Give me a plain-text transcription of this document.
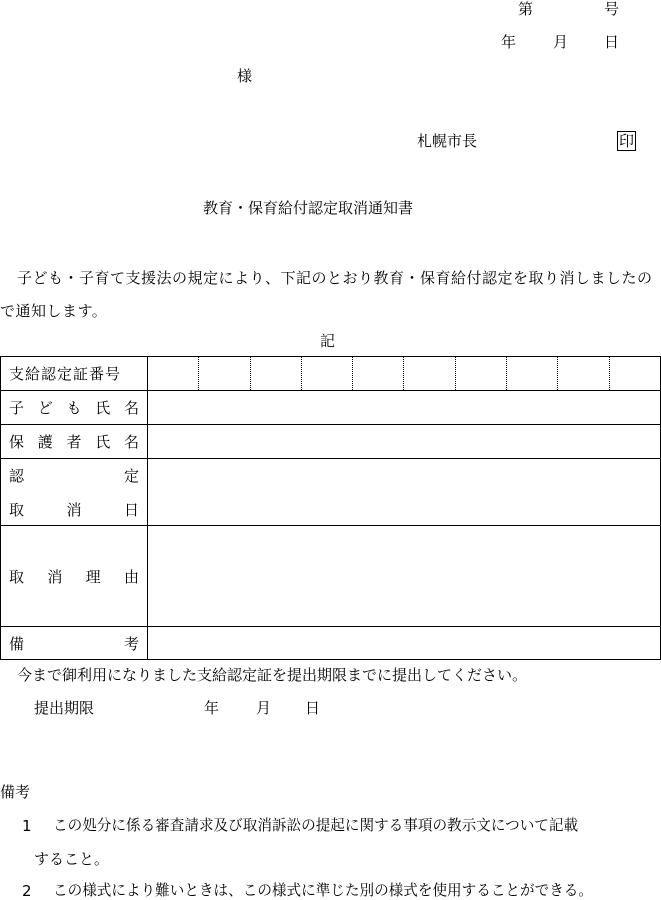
第	号
年 月 日
様
札幌市長	印
教育・保育給付認定取消通知書
子ども・子育て支援法の規定により、下記のとおり教育・保育給付認定を取り消しましたので通知します。
記
支給認定証番号	

子 ど も 氏 名	

保 護 者 氏 名	

認 定
取 消 日	

取 消 理 由	

備 考	

今まで御利用になりました支給認定証を提出期限までに提出してください。
提出期限	年 月 日
備考
1 この処分に係る審査請求及び取消訴訟の提起に関する事項の教示文について記載
すること。
2 この様式により難いときは、この様式に準じた別の様式を使用することができる。
